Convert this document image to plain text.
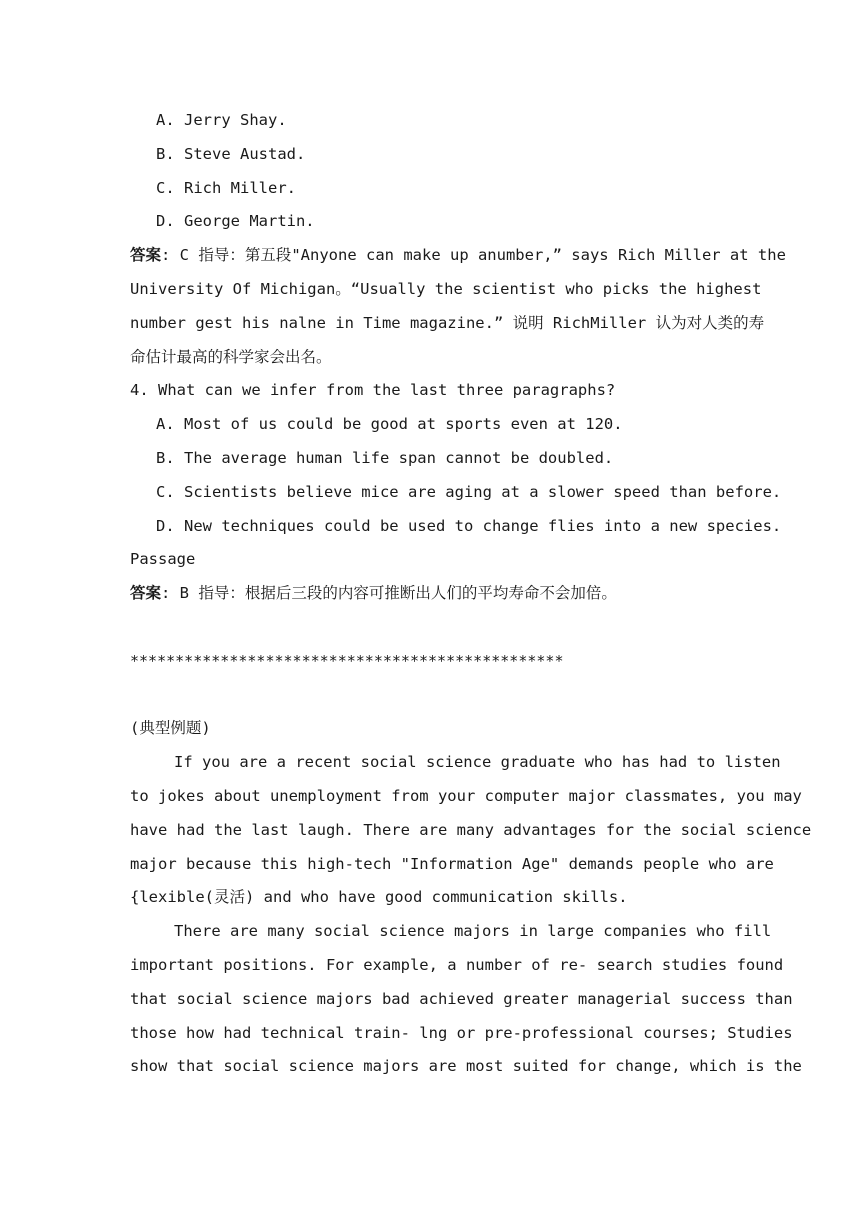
A. Jerry Shay.
B. Steve Austad.
C. Rich Miller.
D. George Martin.
答案: C 指导：第五段"Anyone can make up anumber,” says Rich Miller at the
University Of Michigan。“Usually the scientist who picks the highest
number gest his nalne in Time magazine.” 说明 RichMiller 认为对人类的寿
命估计最高的科学家会出名。
4. What can we infer from the last three paragraphs?
A. Most of us could be good at sports even at 120.
B. The average human life span cannot be doubled.
C. Scientists believe mice are aging at a slower speed than before.
D. New techniques could be used to change flies into a new species.
Passage
答案: B 指导：根据后三段的内容可推断出人们的平均寿命不会加倍。
************************************************
(典型例题)
If you are a recent social science graduate who has had to listen
to jokes about unemployment from your computer major classmates, you may
have had the last laugh. There are many advantages for the social science
major because this high-tech "Information Age" demands people who are
{lexible(灵活) and who have good communication skills.
There are many social science majors in large companies who fill
important positions. For example, a number of re- search studies found
that social science majors bad achieved greater managerial success than
those how had technical train- lng or pre-professional courses; Studies
show that social science majors are most suited for change, which is the
